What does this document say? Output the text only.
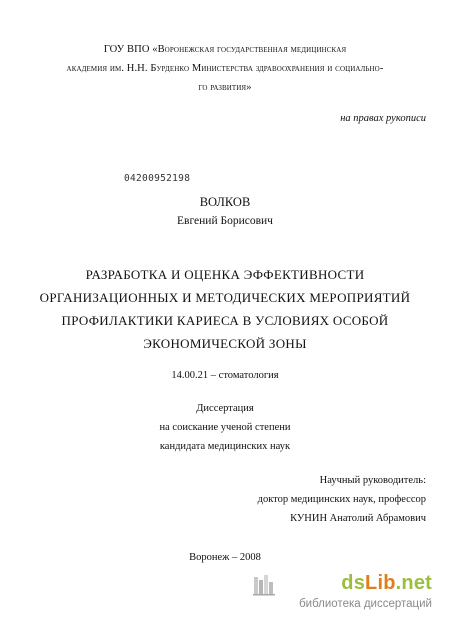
ГОУ ВПО «Воронежская государственная медицинская

академия им. Н.Н. Бурденко Министерства здравоохранения и социально-

го развития»

на правах рукописи

04200952198

ВОЛКОВ

Евгений Борисович

РАЗРАБОТКА И ОЦЕНКА ЭФФЕКТИВНОСТИ

ОРГАНИЗАЦИОННЫХ И МЕТОДИЧЕСКИХ МЕРОПРИЯТИЙ

ПРОФИЛАКТИКИ КАРИЕСА В УСЛОВИЯХ ОСОБОЙ

ЭКОНОМИЧЕСКОЙ ЗОНЫ

14.00.21 – стоматология

Диссертация

на соискание ученой степени

кандидата медицинских наук

Научный руководитель:

доктор медицинских наук, профессор

КУНИН Анатолий Абрамович

Воронеж – 2008

dsLib.net
библиотека диссертаций
